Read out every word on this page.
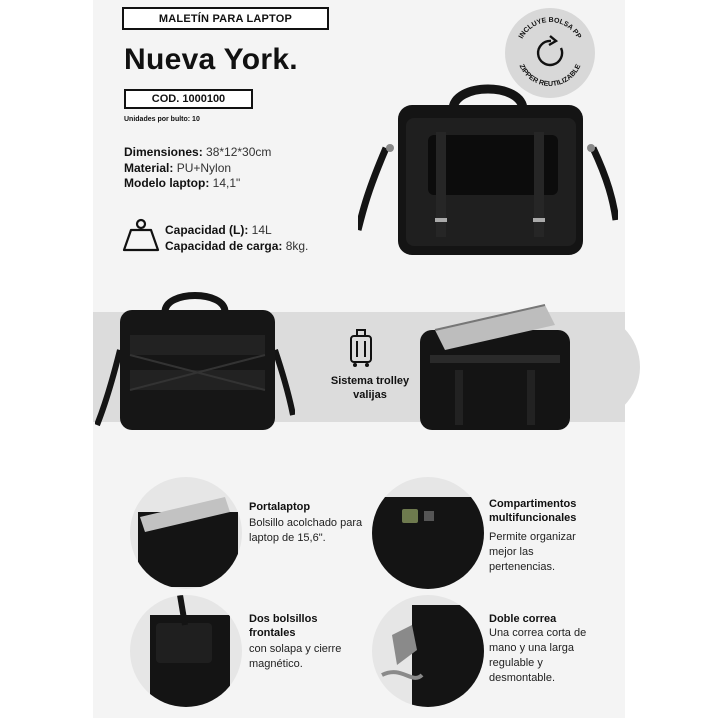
MALETÍN PARA LAPTOP
Nueva York.
COD. 1000100
Unidades por bulto: 10
Dimensiones: 38*12*30cm
Material: PU+Nylon
Modelo laptop: 14,1"
Capacidad (L): 14L
Capacidad de carga: 8kg.
INCLUYE BOLSA PP
ZIPPER REUTILIZABLE
Sistema trolley valijas
Portalaptop
Bolsillo acolchado para laptop de 15,6".
Compartimentos multifuncionales
Permite organizar mejor las pertenencias.
Dos bolsillos frontales
con solapa y cierre magnético.
Doble correa
Una correa corta de mano y una larga regulable y desmontable.
